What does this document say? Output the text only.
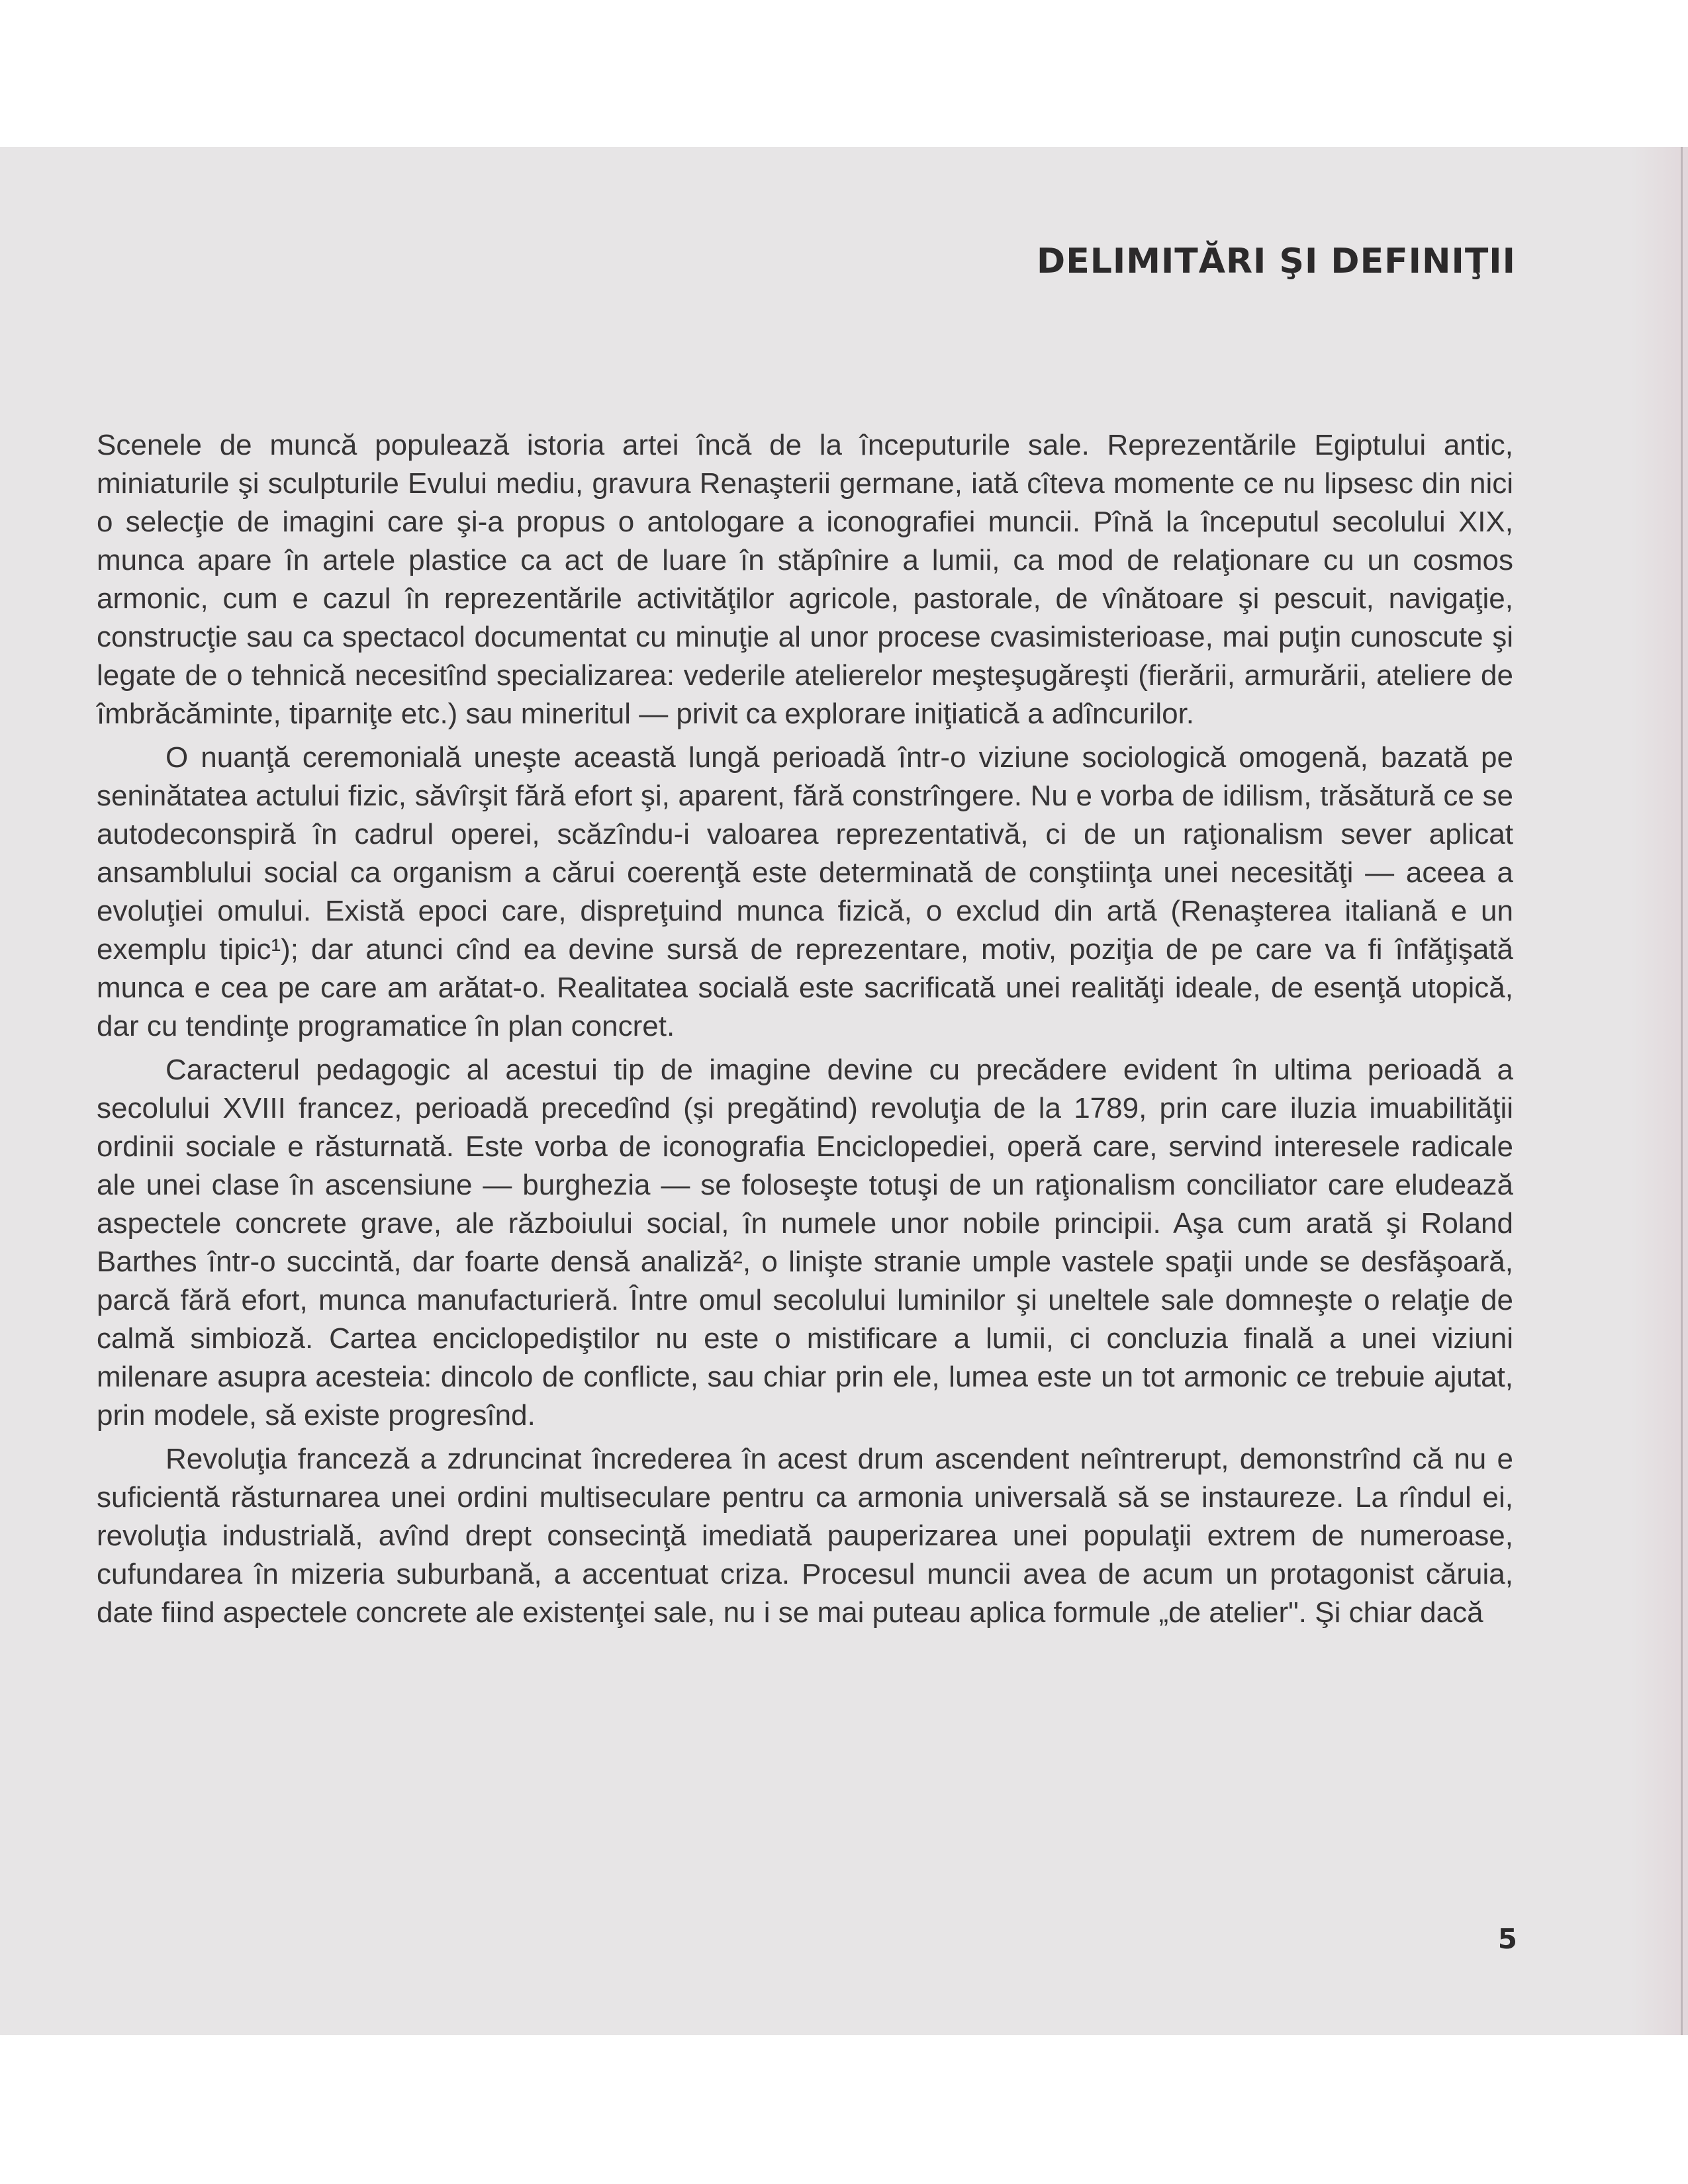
DELIMITĂRI ŞI DEFINIŢII

Scenele de muncă populează istoria artei încă de la începuturile sale. Reprezentările Egiptului antic, miniaturile şi sculpturile Evului mediu, gravura Renaşterii germane, iată cîteva momente ce nu lipsesc din nici o selecţie de imagini care şi-a propus o antologare a iconografiei muncii. Pînă la începutul secolului XIX, munca apare în artele plastice ca act de luare în stăpînire a lumii, ca mod de relaţionare cu un cosmos armonic, cum e cazul în reprezentările activităţilor agricole, pastorale, de vînătoare şi pescuit, navigaţie, construcţie sau ca spectacol documentat cu minuţie al unor procese cvasimisterioase, mai puţin cunoscute şi legate de o tehnică necesitînd specializarea: vederile atelierelor meşteşugăreşti (fierării, armurării, ateliere de îmbrăcăminte, tiparniţe etc.) sau mineritul — privit ca explorare iniţiatică a adîncurilor.

O nuanţă ceremonială uneşte această lungă perioadă într-o viziune sociologică omogenă, bazată pe seninătatea actului fizic, săvîrşit fără efort şi, aparent, fără constrîngere. Nu e vorba de idilism, trăsătură ce se autodeconspiră în cadrul operei, scăzîndu-i valoarea reprezentativă, ci de un raţionalism sever aplicat ansamblului social ca organism a cărui coerenţă este determinată de conştiinţa unei necesităţi — aceea a evoluţiei omului. Există epoci care, dispreţuind munca fizică, o exclud din artă (Renaşterea italiană e un exemplu tipic¹); dar atunci cînd ea devine sursă de reprezentare, motiv, poziţia de pe care va fi înfăţişată munca e cea pe care am arătat-o. Realitatea socială este sacrificată unei realităţi ideale, de esenţă utopică, dar cu tendinţe programatice în plan concret.

Caracterul pedagogic al acestui tip de imagine devine cu precădere evident în ultima perioadă a secolului XVIII francez, perioadă precedînd (şi pregătind) revoluţia de la 1789, prin care iluzia imuabilităţii ordinii sociale e răsturnată. Este vorba de iconografia Enciclopediei, operă care, servind interesele radicale ale unei clase în ascensiune — burghezia — se foloseşte totuşi de un raţionalism conciliator care eludează aspectele concrete grave, ale războiului social, în numele unor nobile principii. Aşa cum arată şi Roland Barthes într-o succintă, dar foarte densă analiză², o linişte stranie umple vastele spaţii unde se desfăşoară, parcă fără efort, munca manufacturieră. Între omul secolului luminilor şi uneltele sale domneşte o relaţie de calmă simbioză. Cartea enciclopediştilor nu este o mistificare a lumii, ci concluzia finală a unei viziuni milenare asupra acesteia: dincolo de conflicte, sau chiar prin ele, lumea este un tot armonic ce trebuie ajutat, prin modele, să existe progresînd.

Revoluţia franceză a zdruncinat încrederea în acest drum ascendent neîntrerupt, demonstrînd că nu e suficientă răsturnarea unei ordini multiseculare pentru ca armonia universală să se instaureze. La rîndul ei, revoluţia industrială, avînd drept consecinţă imediată pauperizarea unei populaţii extrem de numeroase, cufundarea în mizeria suburbană, a accentuat criza. Procesul muncii avea de acum un protagonist căruia, date fiind aspectele concrete ale existenţei sale, nu i se mai puteau aplica formule „de atelier". Şi chiar dacă

5
